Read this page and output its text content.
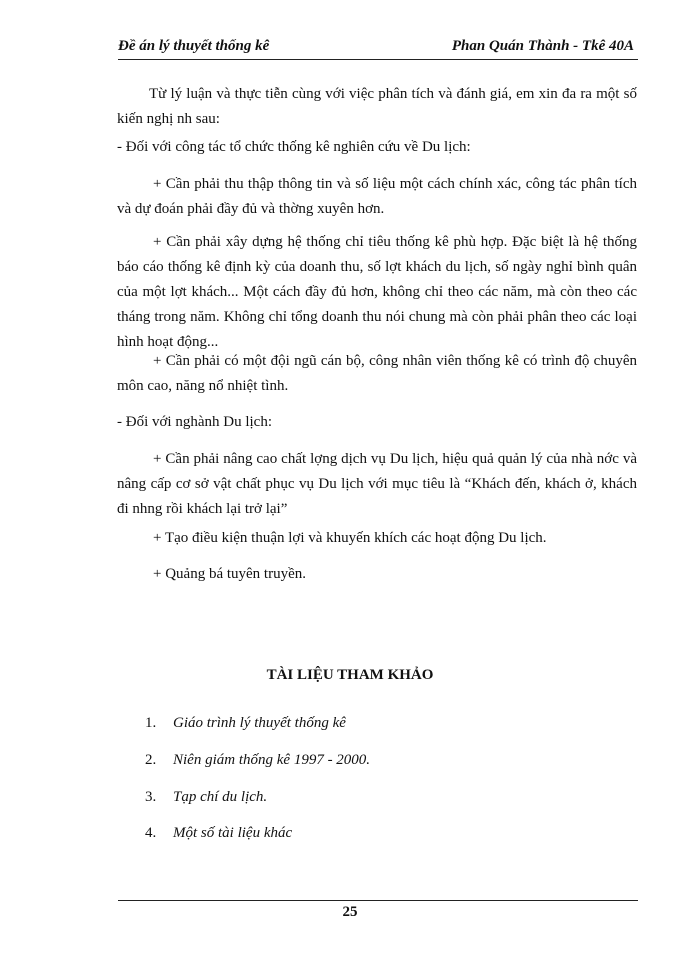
Đề án lý thuyết thống kê	Phan Quán Thành - Tkê 40A
Từ lý luận và thực tiễn cùng với việc phân tích và đánh giá, em xin đa ra một số kiến nghị nh sau:
- Đối với công tác tổ chức thống kê nghiên cứu về Du lịch:
+ Cần phải thu thập thông tin và số liệu một cách chính xác, công tác phân tích và dự đoán phải đầy đủ và thờng xuyên hơn.
+ Cần phải xây dựng hệ thống chỉ tiêu thống kê phù hợp. Đặc biệt là hệ thống báo cáo thống kê định kỳ của doanh thu, số lợt khách du lịch, số ngày nghỉ bình quân của một lợt khách... Một cách đầy đủ hơn, không chỉ theo các năm, mà còn theo các tháng trong năm. Không chỉ tổng doanh thu nói chung mà còn phải phân theo các loại hình hoạt động...
+ Cần phải có một đội ngũ cán bộ, công nhân viên thống kê có trình độ chuyên môn cao, năng nổ nhiệt tình.
- Đối với nghành Du lịch:
+ Cần phải nâng cao chất lợng dịch vụ Du lịch, hiệu quả quản lý của nhà nớc và nâng cấp cơ sở vật chất phục vụ Du lịch với mục tiêu là “Khách đến, khách ở, khách đi nhng rồi khách lại trở lại”
+ Tạo điều kiện thuận lợi và khuyến khích các hoạt động Du lịch.
+ Quảng bá tuyên truyền.
TÀI LIỆU THAM KHẢO
1. Giáo trình lý thuyết thống kê
2. Niên giám thống kê 1997 - 2000.
3. Tạp chí du lịch.
4. Một số tài liệu khác
25
